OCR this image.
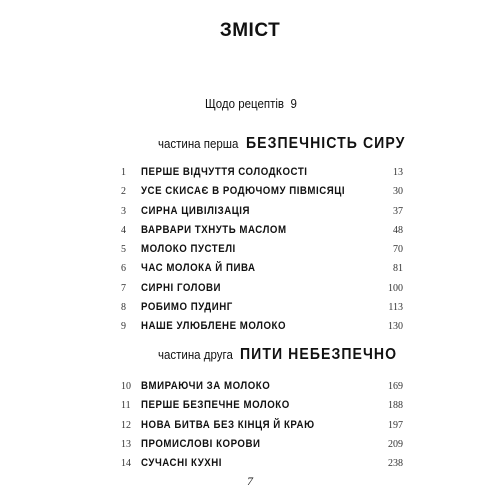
ЗМІСТ
Щодо рецептів 9
частина перша БЕЗПЕЧНІСТЬ СИРУ
1	ПЕРШЕ ВІДЧУТТЯ СОЛОДКОСТІ	13
2	УСЕ СКИСАЄ В РОДЮЧОМУ ПІВМІСЯЦІ	30
3	СИРНА ЦИВІЛІЗАЦІЯ	37
4	ВАРВАРИ ТХНУТЬ МАСЛОМ	48
5	МОЛОКО ПУСТЕЛІ	70
6	ЧАС МОЛОКА Й ПИВА	81
7	СИРНІ ГОЛОВИ	100
8	РОБИМО ПУДИНГ	113
9	НАШЕ УЛЮБЛЕНЕ МОЛОКО	130
частина друга ПИТИ НЕБЕЗПЕЧНО
10 ВМИРАЮЧИ ЗА МОЛОКО	169
11 ПЕРШЕ БЕЗПЕЧНЕ МОЛОКО	188
12 НОВА БИТВА БЕЗ КІНЦЯ Й КРАЮ	197
13 ПРОМИСЛОВІ КОРОВИ	209
14 СУЧАСНІ КУХНІ	238
7
